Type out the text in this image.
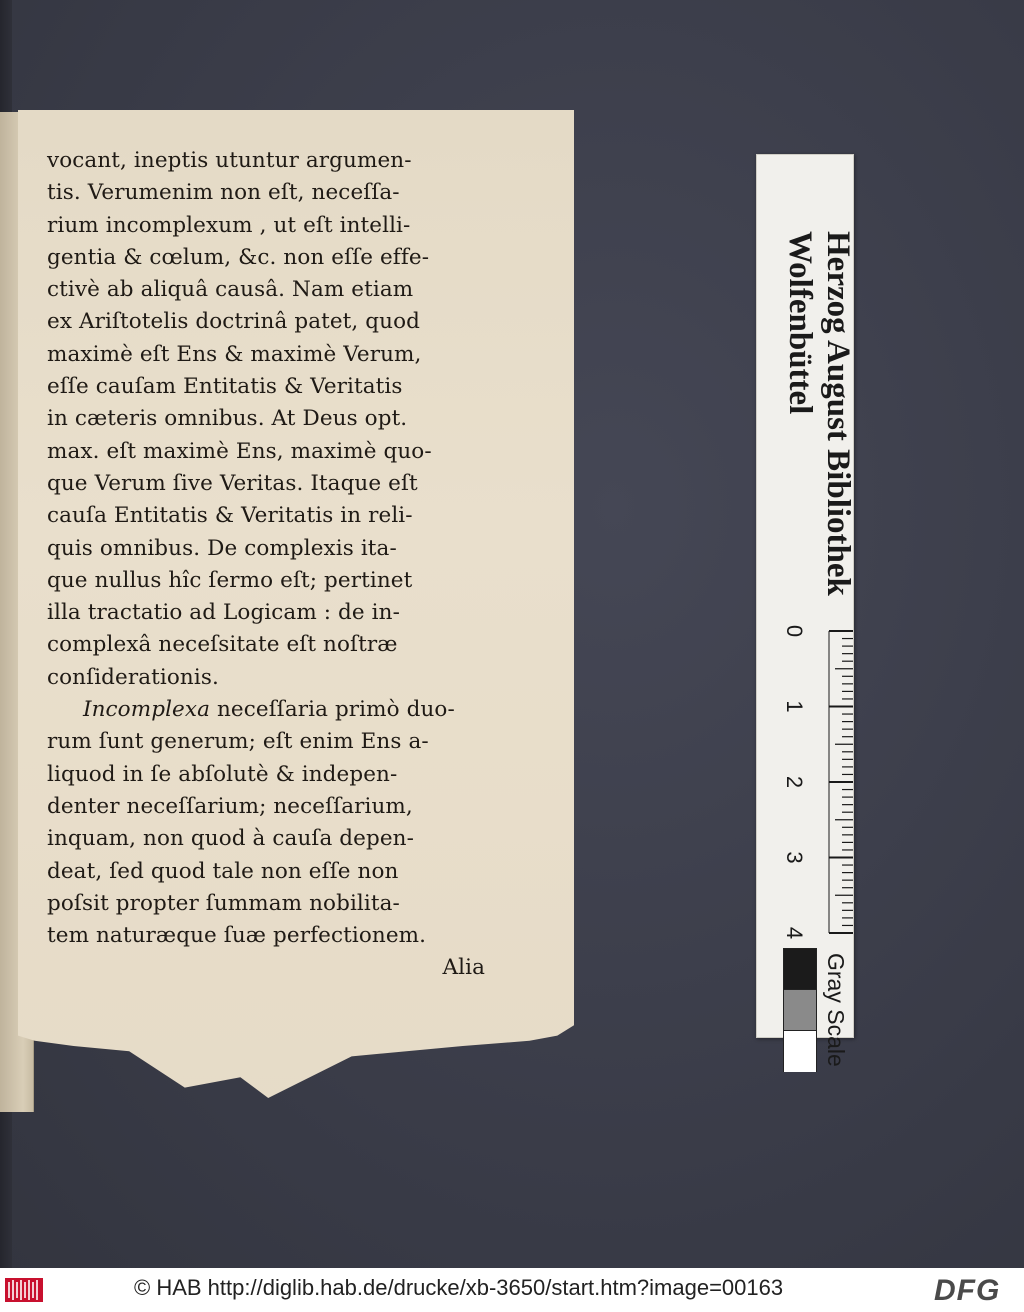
vocant, ineptis utuntur argumen-
tis. Verumenim non eſt, neceſſa-
rium incomplexum , ut eſt intelli-
gentia & cœlum, &c. non eſſe effe-
ctivè ab aliquâ causâ. Nam etiam
ex Ariſtotelis doctrinâ patet, quod
maximè eſt Ens & maximè Verum,
eſſe cauſam Entitatis & Veritatis
in cæteris omnibus. At Deus opt.
max. eſt maximè Ens, maximè quo-
que Verum ſive Veritas. Itaque eſt
cauſa Entitatis & Veritatis in reli-
quis omnibus. De complexis ita-
que nullus hîc ſermo eſt; pertinet
illa tractatio ad Logicam : de in-
complexâ neceſsitate eſt noſtræ
conſiderationis.
Incomplexa neceſſaria primò duo-
rum ſunt generum; eſt enim Ens a-
liquod in ſe abſolutè & indepen-
denter neceſſarium; neceſſarium,
inquam, non quod à cauſa depen-
deat, ſed quod tale non eſſe non
poſsit propter ſummam nobilita-
tem naturæque ſuæ perfectionem.
Alia
0
1
2
3
4
Herzog August Bibliothek
Wolfenbüttel
Gray Scale
© HAB http://diglib.hab.de/drucke/xb-3650/start.htm?image=00163	DFG
